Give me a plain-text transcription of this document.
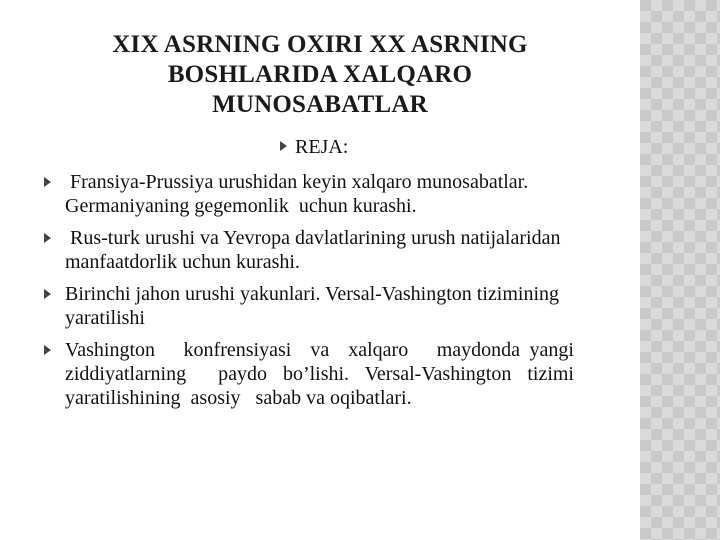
XIX ASRNING OXIRI XX ASRNING
BOSHLARIDA XALQARO
MUNOSABATLAR
REJA:
Fransiya-Prussiya urushidan keyin xalqaro munosabatlar. Germaniyaning gegemonlik  uchun kurashi.
Rus-turk urushi va Yevropa davlatlarining urush natijalaridan manfaatdorlik uchun kurashi.
Birinchi jahon urushi yakunlari. Versal-Vashington tizimining    yaratilishi
Vashington   konfrensiyasi  va  xalqaro   maydonda yangi   ziddiyatlarning  paydo bo’lishi. Versal-Vashington tizimi   yaratilishining  asosiy   sabab va oqibatlari.
